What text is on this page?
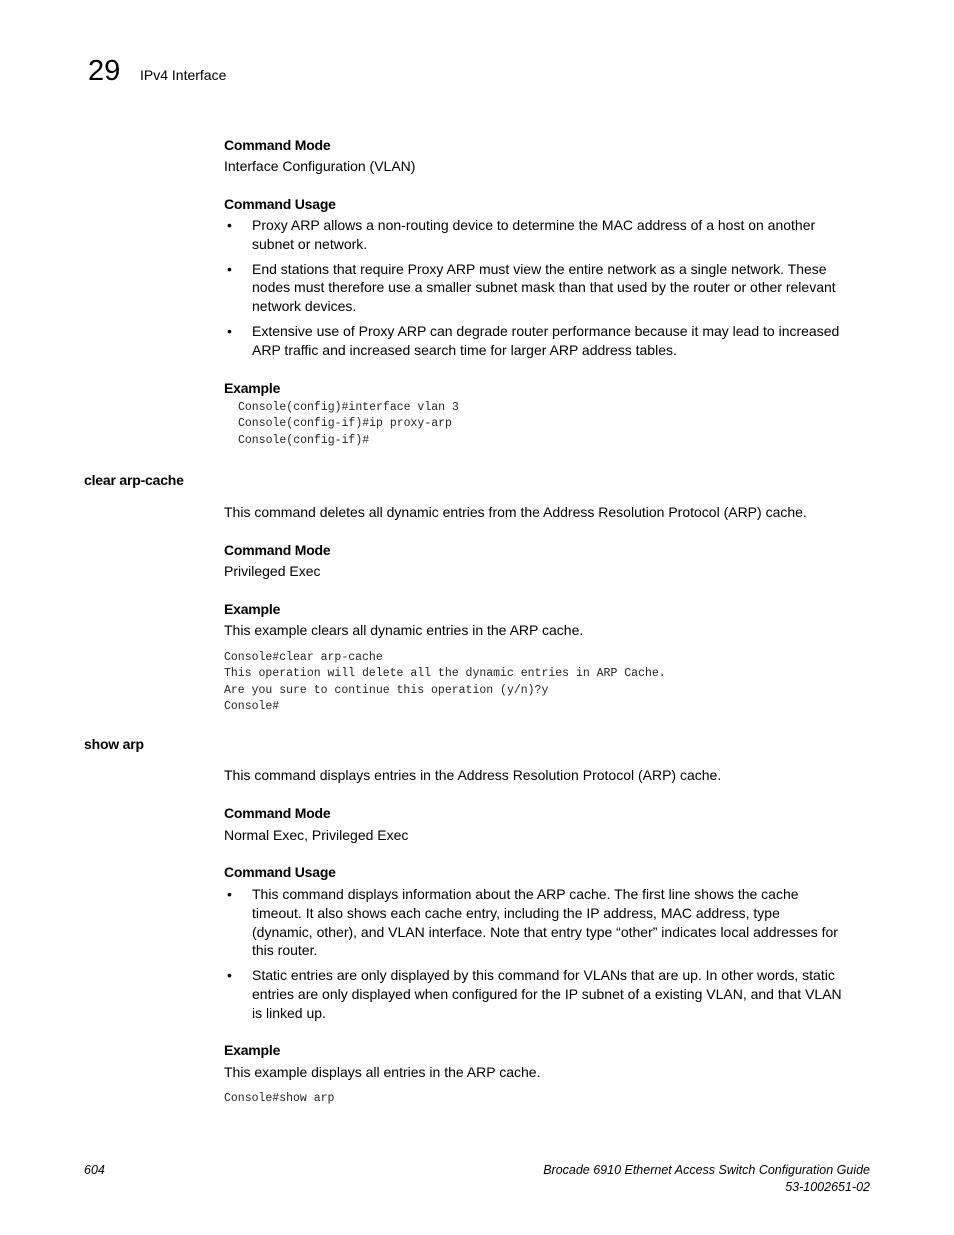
29 IPv4 Interface
Command Mode
Interface Configuration (VLAN)
Command Usage
• Proxy ARP allows a non-routing device to determine the MAC address of a host on another subnet or network.
• End stations that require Proxy ARP must view the entire network as a single network. These nodes must therefore use a smaller subnet mask than that used by the router or other relevant network devices.
• Extensive use of Proxy ARP can degrade router performance because it may lead to increased ARP traffic and increased search time for larger ARP address tables.
Example
Console(config)#interface vlan 3
Console(config-if)#ip proxy-arp
Console(config-if)#
clear arp-cache
This command deletes all dynamic entries from the Address Resolution Protocol (ARP) cache.
Command Mode
Privileged Exec
Example
This example clears all dynamic entries in the ARP cache.
Console#clear arp-cache
This operation will delete all the dynamic entries in ARP Cache.
Are you sure to continue this operation (y/n)?y
Console#
show arp
This command displays entries in the Address Resolution Protocol (ARP) cache.
Command Mode
Normal Exec, Privileged Exec
Command Usage
• This command displays information about the ARP cache. The first line shows the cache timeout. It also shows each cache entry, including the IP address, MAC address, type (dynamic, other), and VLAN interface. Note that entry type “other” indicates local addresses for this router.
• Static entries are only displayed by this command for VLANs that are up. In other words, static entries are only displayed when configured for the IP subnet of a existing VLAN, and that VLAN is linked up.
Example
This example displays all entries in the ARP cache.
Console#show arp
604	Brocade 6910 Ethernet Access Switch Configuration Guide
53-1002651-02
